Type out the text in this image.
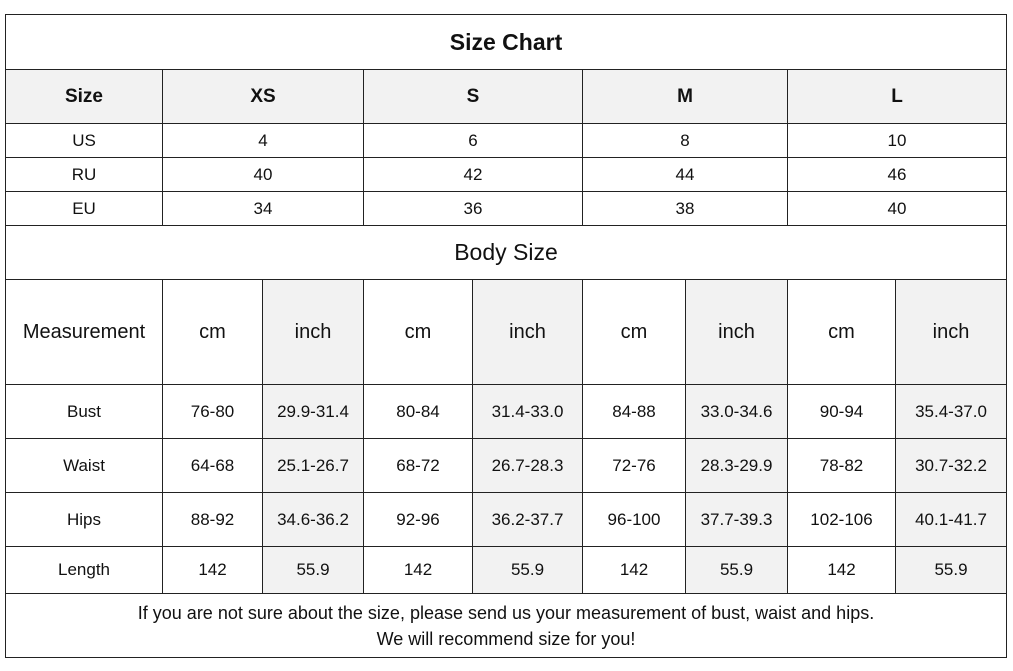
Size Chart								
Size	XS		S		M		L	
US	4		6		8		10	
RU	40		42		44		46	
EU	34		36		38		40	
Body Size								
Measurement	cm	inch	cm	inch	cm	inch	cm	inch
Bust	76-80	29.9-31.4	80-84	31.4-33.0	84-88	33.0-34.6	90-94	35.4-37.0
Waist	64-68	25.1-26.7	68-72	26.7-28.3	72-76	28.3-29.9	78-82	30.7-32.2
Hips	88-92	34.6-36.2	92-96	36.2-37.7	96-100	37.7-39.3	102-106	40.1-41.7
Length	142	55.9	142	55.9	142	55.9	142	55.9

If you are not sure about the size, please send us your measurement of bust, waist and hips.
We will recommend size for you!								
